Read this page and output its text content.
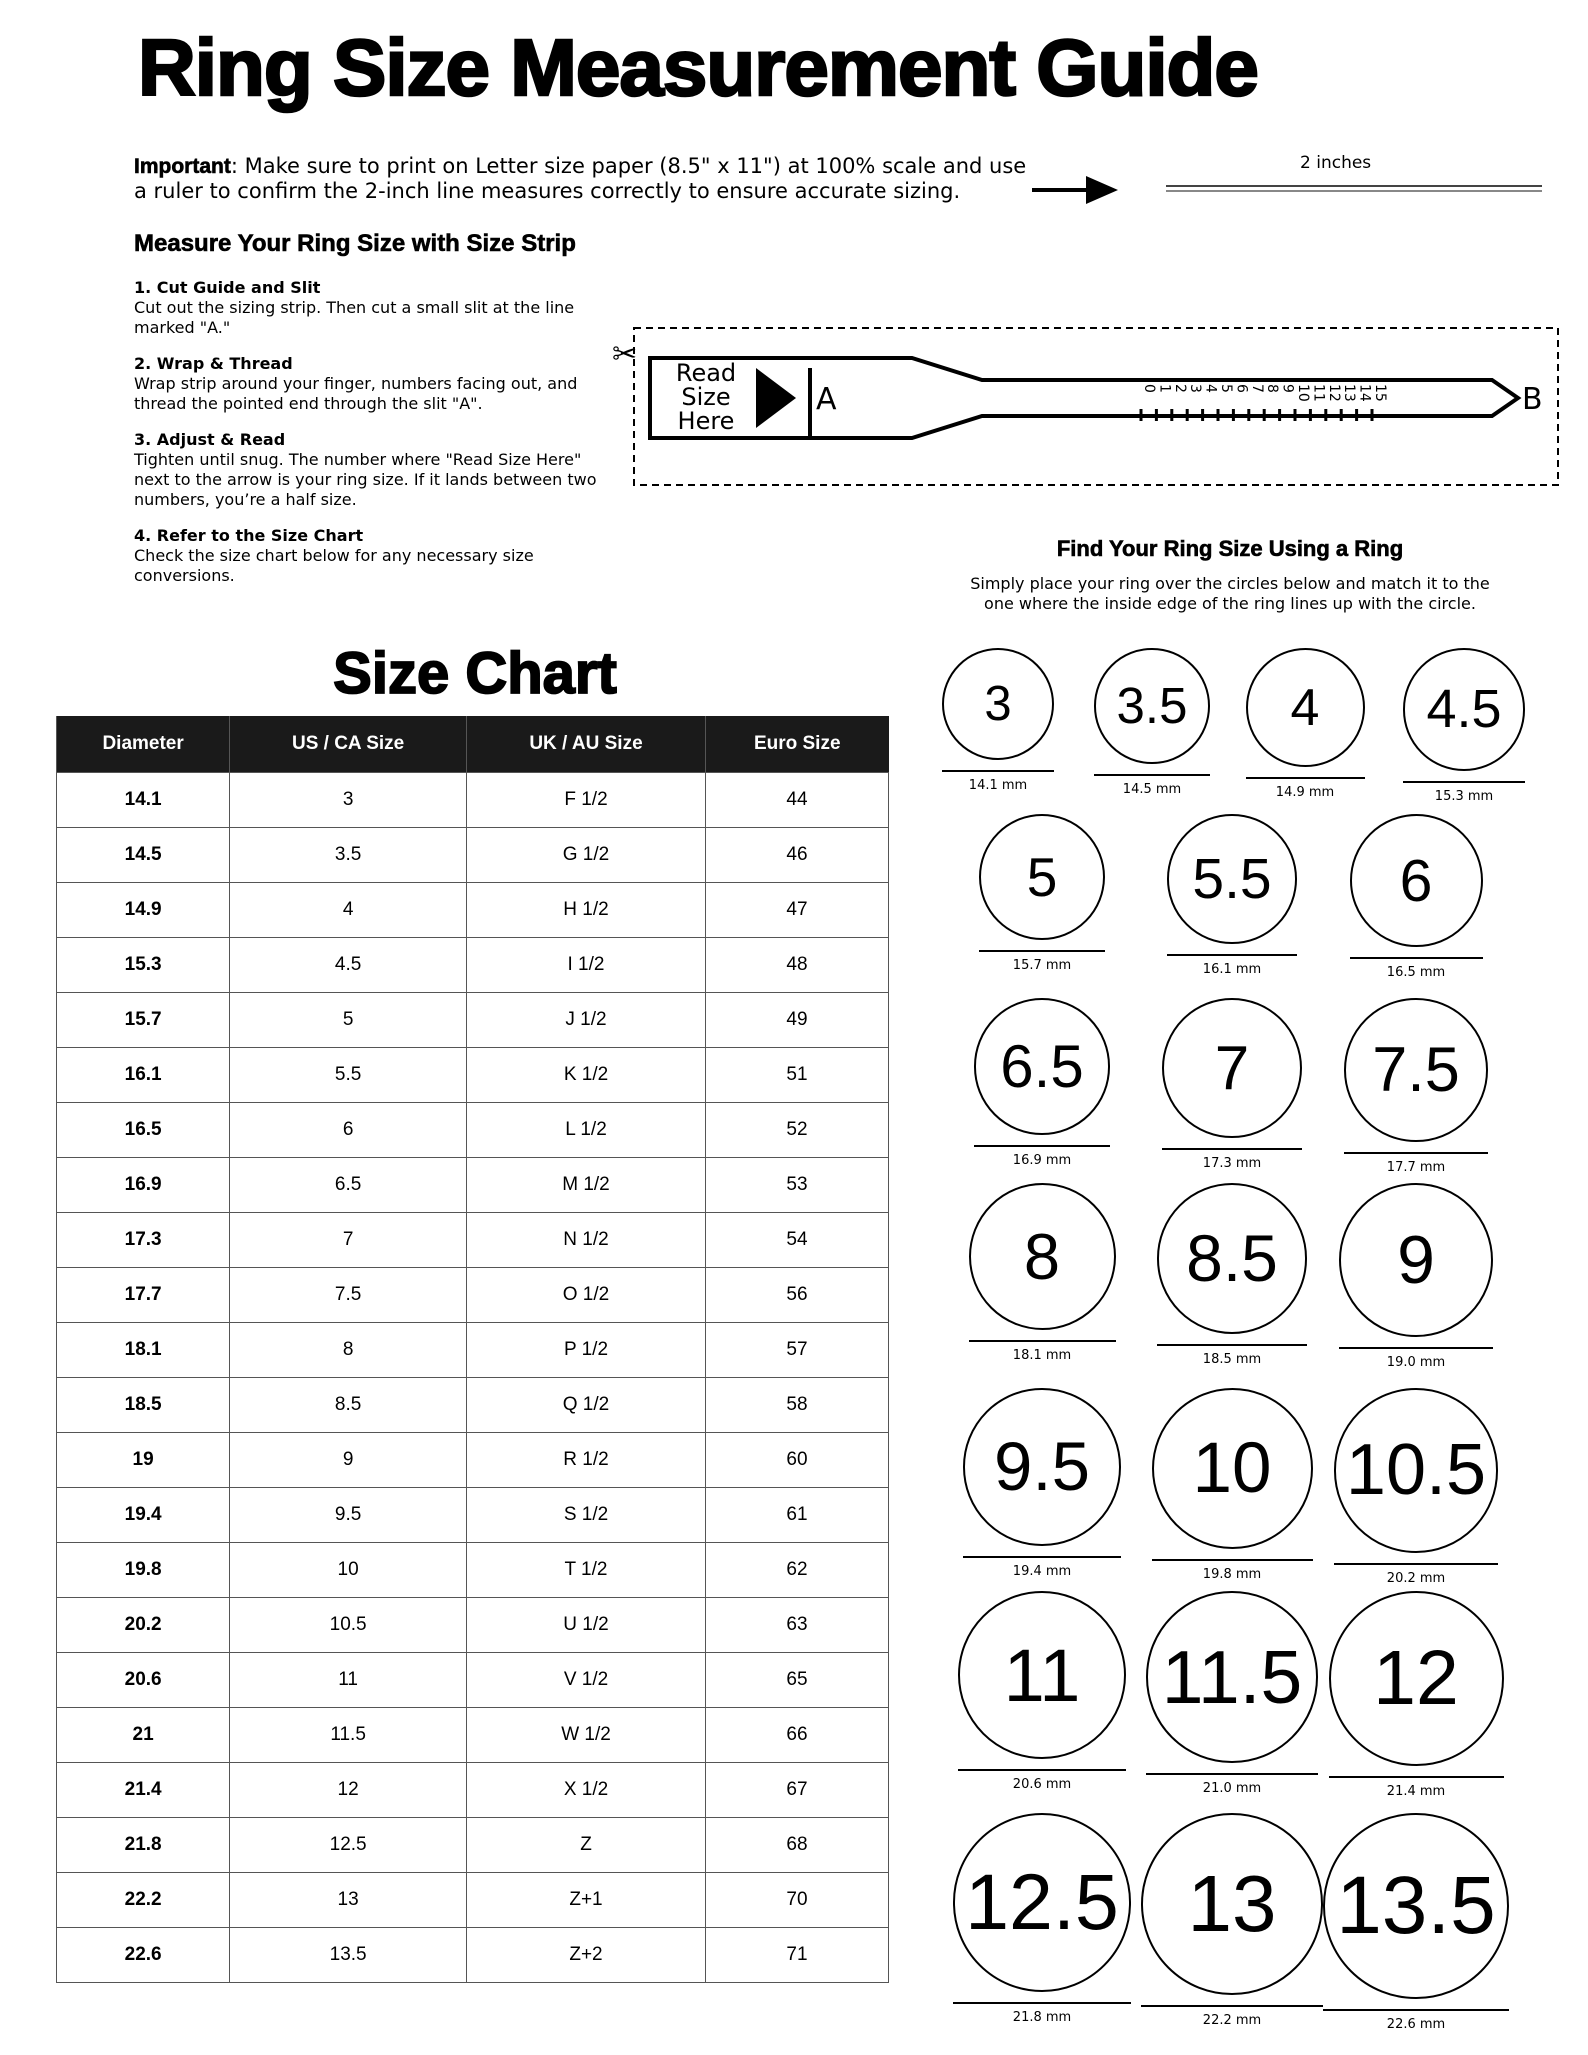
Ring Size Measurement Guide
Important: Make sure to print on Letter size paper (8.5" x 11") at 100% scale and use a ruler to confirm the 2-inch line measures correctly to ensure accurate sizing.
2 inches
Measure Your Ring Size with Size Strip
1. Cut Guide and Slit
Cut out the sizing strip. Then cut a small slit at the line marked "A."
2. Wrap & Thread
Wrap strip around your finger, numbers facing out, and thread the pointed end through the slit "A".
3. Adjust & Read
Tighten until snug. The number where "Read Size Here" next to the arrow is your ring size. If it lands between two numbers, you’re a half size.
4. Refer to the Size Chart
Check the size chart below for any necessary size conversions.
✂
Read
Size
Here
A	B
0 1 2 3 4 5 6 7 8 9 10 11 12 13 14 15
Find Your Ring Size Using a Ring
Simply place your ring over the circles below and match it to the one where the inside edge of the ring lines up with the circle.
Size Chart
Diameter	US / CA Size	UK / AU Size	Euro Size
14.1	3	F 1/2	44
14.5	3.5	G 1/2	46
14.9	4	H 1/2	47
15.3	4.5	I 1/2	48
15.7	5	J 1/2	49
16.1	5.5	K 1/2	51
16.5	6	L 1/2	52
16.9	6.5	M 1/2	53
17.3	7	N 1/2	54
17.7	7.5	O 1/2	56
18.1	8	P 1/2	57
18.5	8.5	Q 1/2	58
19	9	R 1/2	60
19.4	9.5	S 1/2	61
19.8	10	T 1/2	62
20.2	10.5	U 1/2	63
20.6	11	V 1/2	65
21	11.5	W 1/2	66
21.4	12	X 1/2	67
21.8	12.5	Z	68
22.2	13	Z+1	70
22.6	13.5	Z+2	71
3
14.1 mm
3.5
14.5 mm
4
14.9 mm
4.5
15.3 mm
5
15.7 mm
5.5
16.1 mm
6
16.5 mm
6.5
16.9 mm
7
17.3 mm
7.5
17.7 mm
8
18.1 mm
8.5
18.5 mm
9
19.0 mm
9.5
19.4 mm
10
19.8 mm
10.5
20.2 mm
11
20.6 mm
11.5
21.0 mm
12
21.4 mm
12.5
21.8 mm
13
22.2 mm
13.5
22.6 mm
